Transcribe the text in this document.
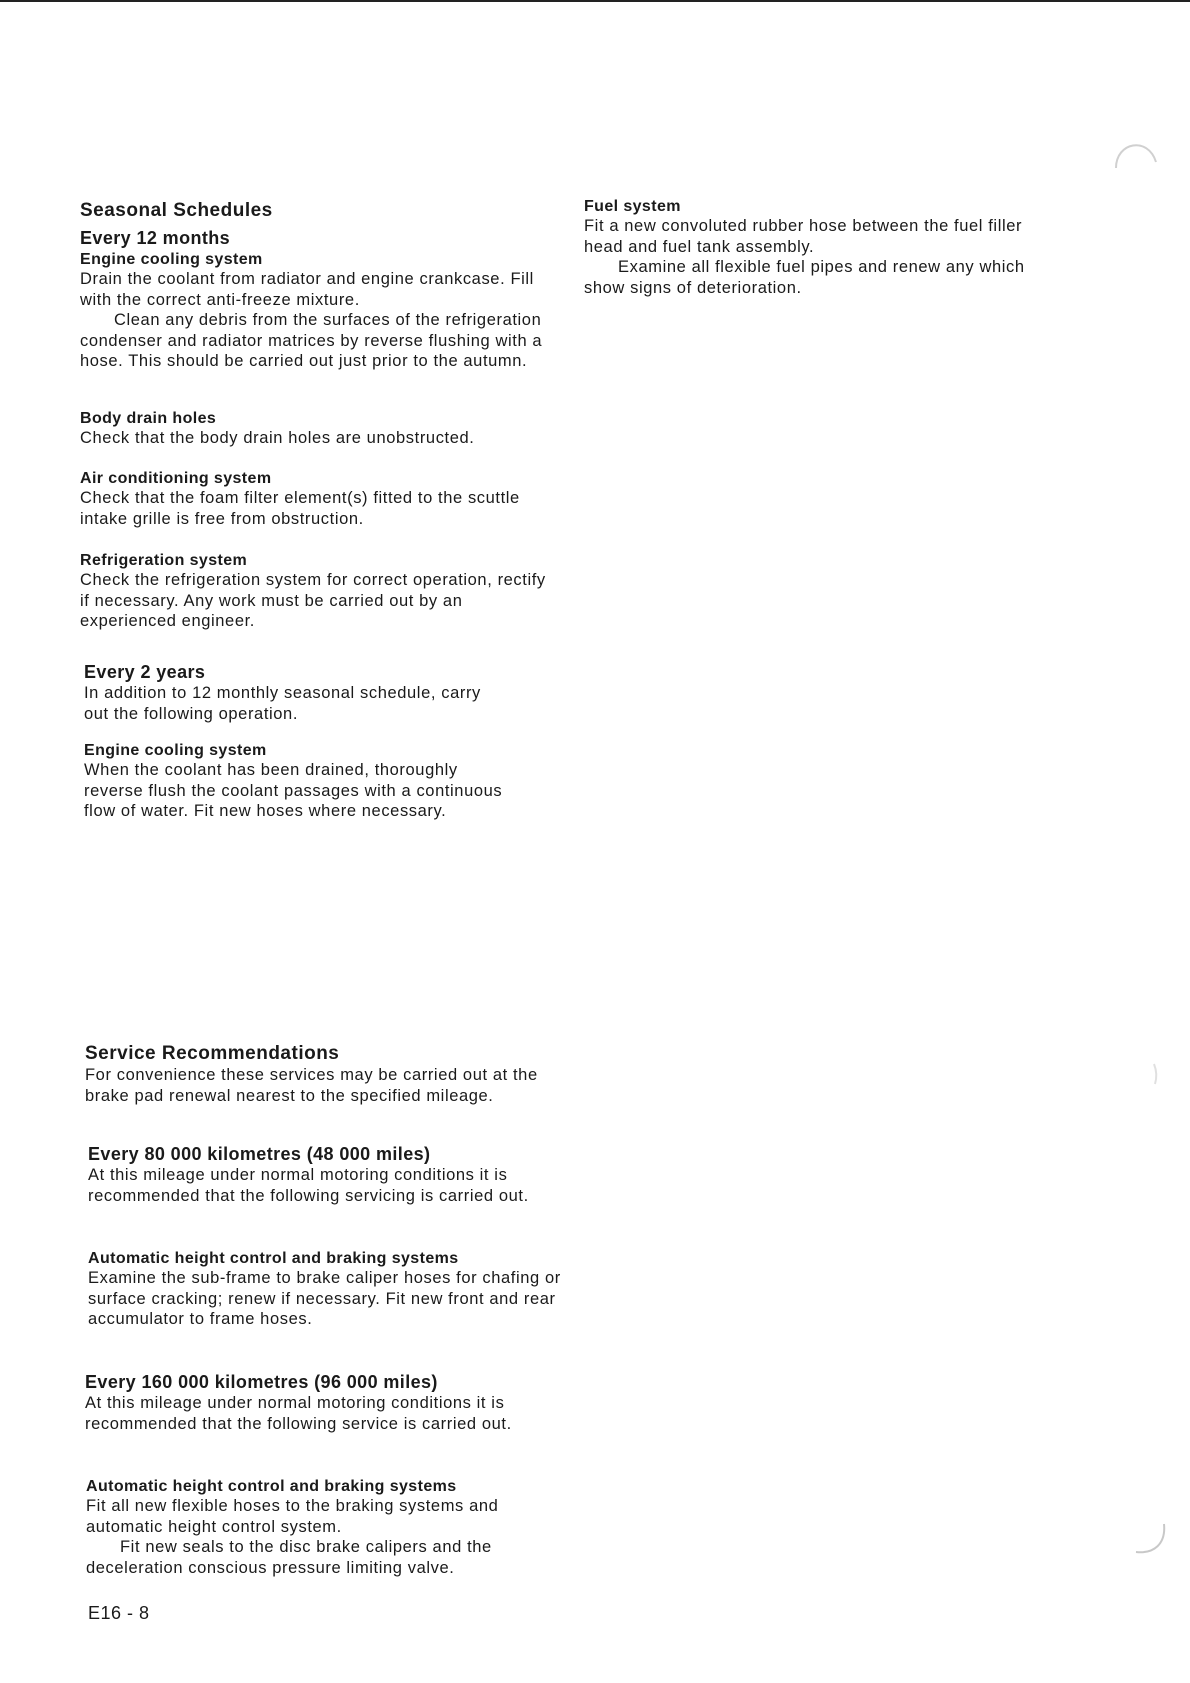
Seasonal Schedules
Every 12 months
Engine cooling system

Drain the coolant from radiator and engine crankcase. Fill with the correct anti-freeze mixture.

Clean any debris from the surfaces of the refrigeration condenser and radiator matrices by reverse flushing with a hose. This should be carried out just prior to the autumn.

Body drain holes

Check that the body drain holes are unobstructed.

Air conditioning system

Check that the foam filter element(s) fitted to the scuttle intake grille is free from obstruction.

Refrigeration system

Check the refrigeration system for correct operation, rectify if necessary. Any work must be carried out by an experienced engineer.

Every 2 years

In addition to 12 monthly seasonal schedule, carry out the following operation.

Engine cooling system

When the coolant has been drained, thoroughly reverse flush the coolant passages with a continuous flow of water. Fit new hoses where necessary.

Service Recommendations

For convenience these services may be carried out at the brake pad renewal nearest to the specified mileage.

Every 80 000 kilometres (48 000 miles)

At this mileage under normal motoring conditions it is recommended that the following servicing is carried out.

Automatic height control and braking systems

Examine the sub-frame to brake caliper hoses for chafing or surface cracking; renew if necessary. Fit new front and rear accumulator to frame hoses.

Every 160 000 kilometres (96 000 miles)

At this mileage under normal motoring conditions it is recommended that the following service is carried out.

Automatic height control and braking systems

Fit all new flexible hoses to the braking systems and automatic height control system.

Fit new seals to the disc brake calipers and the deceleration conscious pressure limiting valve.

Fuel system

Fit a new convoluted rubber hose between the fuel filler head and fuel tank assembly.

Examine all flexible fuel pipes and renew any which show signs of deterioration.

E16 - 8
